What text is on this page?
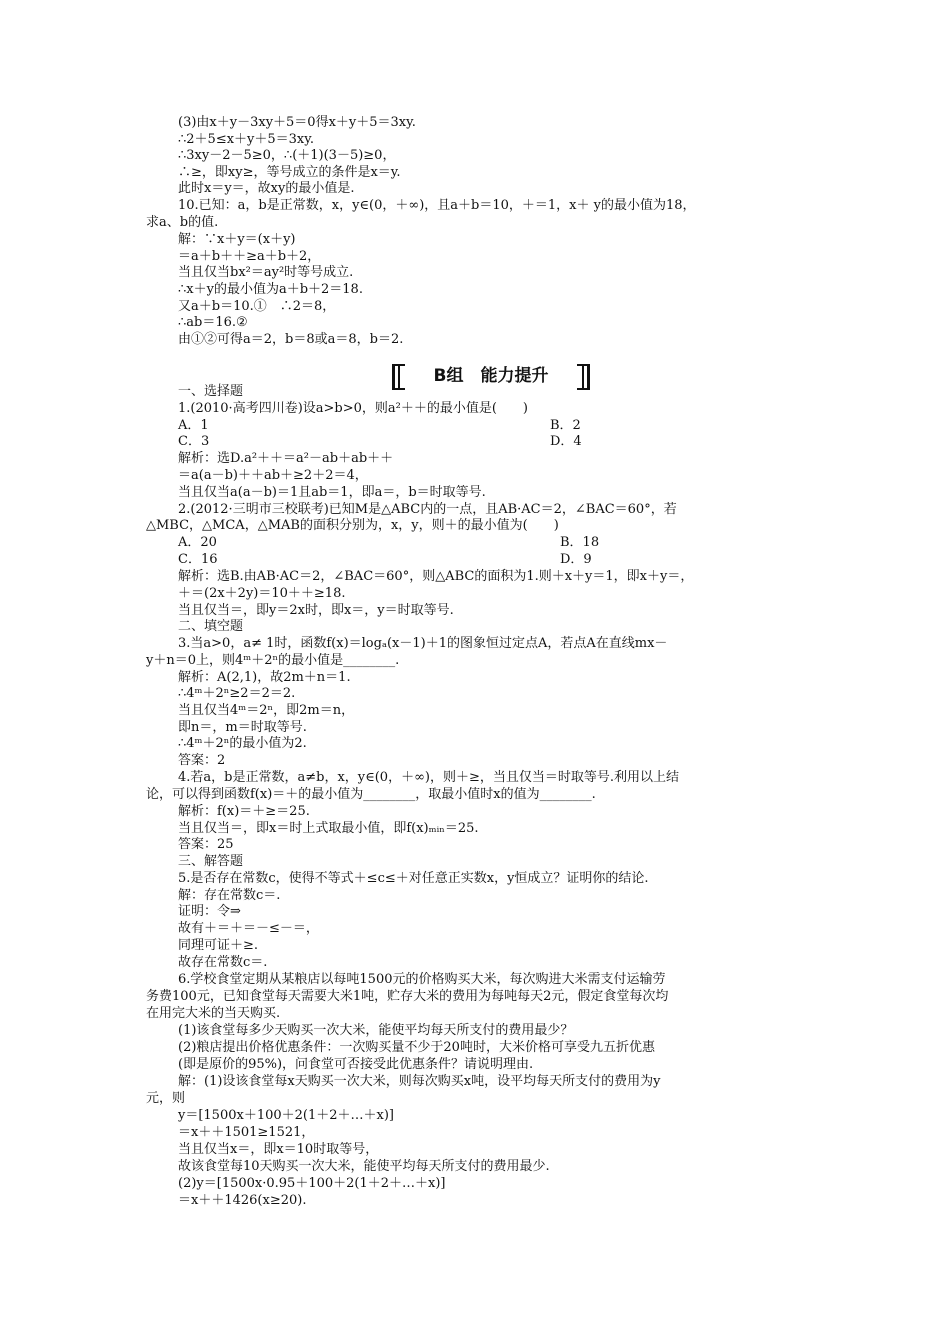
B组　能力提升
(3)由x＋y－3xy＋5＝0得x＋y＋5＝3xy.
∴2＋5≤x＋y＋5＝3xy.
∴3xy－2－5≥0，∴(＋1)(3－5)≥0，
∴≥，即xy≥，等号成立的条件是x＝y.
此时x＝y＝，故xy的最小值是.
10.已知：a，b是正常数，x，y∈(0，＋∞)，且a＋b＝10，＋＝1，x＋ y的最小值为18，
求a、b的值.
解：∵x＋y＝(x＋y)
＝a＋b＋＋≥a＋b＋2，
当且仅当bx²＝ay²时等号成立.
∴x＋y的最小值为a＋b＋2＝18.
又a＋b＝10.①　∴2＝8，
∴ab＝16.②
由①②可得a＝2，b＝8或a＝8，b＝2.
一、选择题
1.(2010·高考四川卷)设a>b>0，则a²＋＋的最小值是(　　)
A．1	B．2
C．3	D．4
解析：选D.a²＋＋＝a²－ab＋ab＋＋
＝a(a－b)＋＋ab＋≥2＋2＝4，
当且仅当a(a－b)＝1且ab＝1，即a＝，b＝时取等号.
2.(2012·三明市三校联考)已知M是△ABC内的一点，且AB·AC＝2，∠BAC＝60°，若
△MBC，△MCA，△MAB的面积分别为，x，y，则＋的最小值为(　　)
A．20	B．18
C．16	D．9
解析：选B.由AB·AC＝2，∠BAC＝60°，则△ABC的面积为1.则＋x＋y＝1，即x＋y＝，
＋＝(2x＋2y)＝10＋＋≥18.
当且仅当＝，即y＝2x时，即x＝，y＝时取等号.
二、填空题
3.当a>0，a≠ 1时，函数f(x)＝logₐ(x－1)＋1的图象恒过定点A，若点A在直线mx－
y＋n＝0上，则4ᵐ＋2ⁿ的最小值是________.
解析：A(2,1)，故2m＋n＝1.
∴4ᵐ＋2ⁿ≥2＝2＝2.
当且仅当4ᵐ＝2ⁿ，即2m＝n，
即n＝，m＝时取等号.
∴4ᵐ＋2ⁿ的最小值为2.
答案：2
4.若a，b是正常数，a≠b，x，y∈(0，＋∞)，则＋≥，当且仅当＝时取等号.利用以上结
论，可以得到函数f(x)＝＋的最小值为________，取最小值时x的值为________.
解析：f(x)＝＋≥＝25.
当且仅当＝，即x＝时上式取最小值，即f(x)ₘᵢₙ＝25.
答案：25
三、解答题
5.是否存在常数c，使得不等式＋≤c≤＋对任意正实数x，y恒成立？证明你的结论.
解：存在常数c＝.
证明：令⇒
故有＋＝＋＝－≤－＝，
同理可证＋≥.
故存在常数c＝.
6.学校食堂定期从某粮店以每吨1500元的价格购买大米，每次购进大米需支付运输劳
务费100元，已知食堂每天需要大米1吨，贮存大米的费用为每吨每天2元，假定食堂每次均
在用完大米的当天购买.
(1)该食堂每多少天购买一次大米，能使平均每天所支付的费用最少？
(2)粮店提出价格优惠条件：一次购买量不少于20吨时，大米价格可享受九五折优惠
(即是原价的95%)，问食堂可否接受此优惠条件？请说明理由.
解：(1)设该食堂每x天购买一次大米，则每次购买x吨，设平均每天所支付的费用为y
元，则
y＝[1500x＋100＋2(1＋2＋…＋x)]
＝x＋＋1501≥1521，
当且仅当x＝，即x＝10时取等号，
故该食堂每10天购买一次大米，能使平均每天所支付的费用最少.
(2)y＝[1500x·0.95＋100＋2(1＋2＋…＋x)]
＝x＋＋1426(x≥20).
